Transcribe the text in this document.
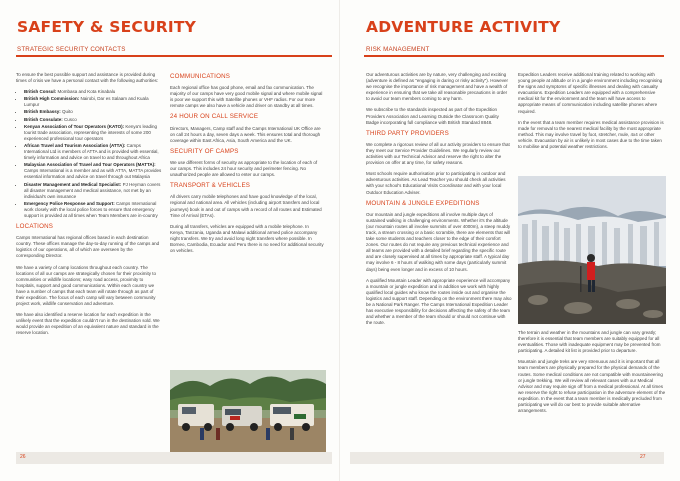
SAFETY & SECURITY
STRATEGIC SECURITY CONTACTS

To ensure the best possible support and assistance is provided during times of crisis we have a personal contact with the following authorities:

• British Consul: Mombasa and Kota Kinabalu
• British High Commission: Nairobi, Dar es Salaam and Kuala Lumpur
• British Embassy: Quito
• British Consulate: Cusco
• Kenyan Association of Tour Operators (KATO): Kenya's leading tourist trade association, representing the interests of some 200 experienced professional tour operators
• African Travel and Tourism Association (ATTA): Camps International Ltd is members of ATTA and is provided with essential, timely information and advice on travel to and throughout Africa
• Malaysian Association of Travel and Tour Operators (MATTA): Camps International is a member and as with ATTA, MATTA provides essential information and advice on travel through out Malaysia
• Disaster Management and Medical Specialist: PJ Heyman covers all disaster management and medical assistance, not met by an individual's own insurance
• Emergency Police Response and Support: Camps International work closely with the local police forces to ensure that emergency support is provided at all times when Team Members are in-country
LOCATIONS

Camps International has regional offices based in each destination country. These offices manage the day-to-day running of the camps and logistics of our operations, all of which are overseen by the corresponding Director.

We have a variety of camp locations throughout each country. The locations of all our camps are strategically chosen for their proximity to communities or wildlife locations; easy road access, proximity to hospitals, support and good communications. Within each country we have a number of camps that each team will rotate through as part of their expedition. The focus of each camp will vary between community project work, wildlife conservation and adventure.

We have also identified a reserve location for each expedition in the unlikely event that the expedition couldn't run in the destination sold. We would provide an expedition of an equivalent nature and standard in the reserve location.

COMMUNICATIONS

Each regional office has good phone, email and fax communication. The majority of our camps have very good mobile signal and where mobile signal is poor we support this with Satellite phones or VHF radios. For our more remote camps we also have a vehicle and driver on standby at all times.

24 HOUR ON CALL SERVICE

Directors, Managers, Camp staff and the Camps International UK Office are on call 24 hours a day, seven days a week. This ensures total and thorough coverage within East Africa, Asia, South America and the UK.

SECURITY OF CAMPS

We use different forms of security as appropriate to the location of each of our camps. This includes 24 hour security and perimeter fencing. No unauthorized people are allowed to enter our camps.

TRANSPORT & VEHICLES

All drivers carry mobile telephones and have good knowledge of the local, regional and national area. All vehicles (including airport transfers and local journeys) book in and out of camps with a record of all routes and Estimated Time of Arrival (ETAs).

During all transfers, vehicles are equipped with a mobile telephone. In Kenya, Tanzania, Uganda and Malawi additional armed police accompany night transfers. We try and avoid long night transfers where possible. In Borneo, Cambodia, Ecuador and Peru there is no need for additional security on vehicles.

26
ADVENTURE ACTIVITY
RISK MANAGEMENT

Our adventurous activities are by nature, very challenging and exciting (adventure is defined as "engaging in daring or risky activity"). However we recognise the importance of risk management and have a wealth of experience in ensuring that we take all reasonable precautions in order to avoid our team members coming to any harm.

We subscribe to the standards inspected as part of the Expedition Providers Association and Learning Outside the Classroom Quality Badge incorporating full compliance with British Standard 8848.

THIRD PARTY PROVIDERS

We complete a rigorous review of all our activity providers to ensure that they meet our Service Provider Guidelines. We regularly review our activities with our Technical Advisor and reserve the right to alter the provision on offer at any time, for safety reasons.

Most schools require authorisation prior to participating in outdoor and adventurous activities. As Lead Teacher you should check all activities with your school's Educational Visits Coordinator and with your local Outdoor Education Adviser.

MOUNTAIN & JUNGLE EXPEDITIONS

Our mountain and jungle expeditions all involve multiple days of sustained walking in challenging environments. Whether it's the altitude (our mountain routes all involve summits of over 4000m), a steep muddy track, a stream crossing or a basic scramble, there are elements that will take some students and teachers closer to the edge of their comfort zones. Our routes do not require any previous technical experience and all teams are provided with a detailed brief regarding the specific route and are closely supervised at all times by appropriate staff. A typical day may involve 6 - 8 hours of walking with some days (particularly summit days) being even longer and in excess of 10 hours.

A qualified Mountain Leader with appropriate experience will accompany a mountain or jungle expedition and in addition we work with highly qualified local guides who know the routes inside out and organise the logistics and support staff. Depending on the environment there may also be a National Park Ranger. The Camps International Expedition Leader has executive responsibility for decisions affecting the safety of the team and whether a member of the team should or should not continue with the route.

Expedition Leaders receive additional training related to working with young people at altitude or in a jungle environment including recognising the signs and symptoms of specific illnesses and dealing with casualty evacuations. Expedition Leaders are equipped with a comprehensive medical kit for the environment and the team will have access to appropriate means of communication including satellite phones where required.

In the event that a team member requires medical assistance provision is made for removal to the nearest medical facility by the most appropriate method. This may involve travel by foot, stretcher, mule, 4x4 or other vehicle. Evacuation by air is unlikely in most cases due to the time taken to mobilise and potential weather restrictions.

The terrain and weather in the mountains and jungle can vary greatly; therefore it is essential that team members are suitably equipped for all eventualities. Those with inadequate equipment may be prevented from participating. A detailed kit list is provided prior to departure.

Mountain and jungle treks are very strenuous and it is important that all team members are physically prepared for the physical demands of the routes. Some medical conditions are not compatible with mountaineering or jungle trekking. We will review all relevant cases with our Medical Advisor and may require sign off from a medical professional. At all times we reserve the right to refuse participation in the adventure element of the expedition. In the event that a team member is medically precluded from participating we will do our best to provide suitable alternative arrangements.

27
